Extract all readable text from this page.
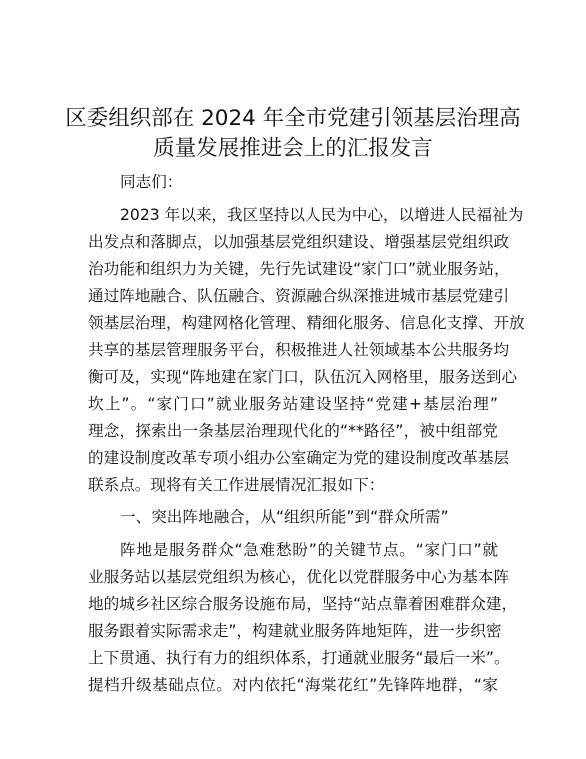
区委组织部在 2024 年全市党建引领基层治理高
质量发展推进会上的汇报发言

同志们：

2023 年以来，我区坚持以人民为中心，以增进人民福祉为

出发点和落脚点，以加强基层党组织建设、增强基层党组织政

治功能和组织力为关键，先行先试建设“家门口”就业服务站，

通过阵地融合、队伍融合、资源融合纵深推进城市基层党建引

领基层治理，构建网格化管理、精细化服务、信息化支撑、开放

共享的基层管理服务平台，积极推进人社领域基本公共服务均

衡可及，实现“阵地建在家门口，队伍沉入网格里，服务送到心

坎上”。“家门口”就业服务站建设坚持“党建+基层治理”

理念，探索出一条基层治理现代化的“**路径”，被中组部党

的建设制度改革专项小组办公室确定为党的建设制度改革基层

联系点。现将有关工作进展情况汇报如下：

一、突出阵地融合，从“组织所能”到“群众所需”

阵地是服务群众“急难愁盼”的关键节点。“家门口”就

业服务站以基层党组织为核心，优化以党群服务中心为基本阵

地的城乡社区综合服务设施布局，坚持“站点靠着困难群众建，

服务跟着实际需求走”，构建就业服务阵地矩阵，进一步织密

上下贯通、执行有力的组织体系，打通就业服务“最后一米”。

提档升级基础点位。对内依托“海棠花红”先锋阵地群，“家
